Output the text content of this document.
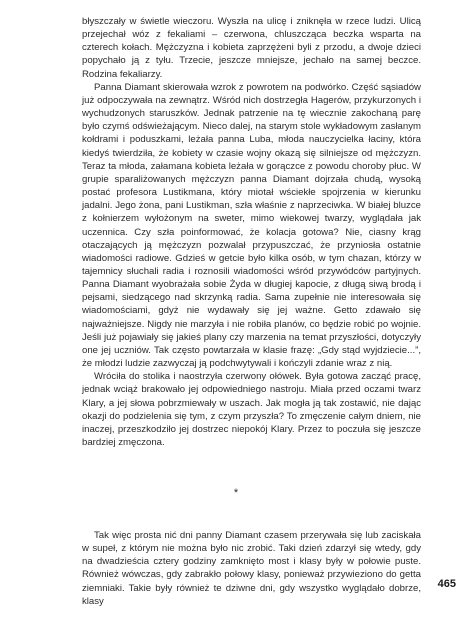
błyszczały w świetle wieczoru. Wyszła na ulicę i zniknęła w rzece ludzi. Ulicą przejechał wóz z fekaliami – czerwona, chluszcząca beczka wsparta na czterech kołach. Mężczyzna i kobieta zaprzężeni byli z przodu, a dwoje dzieci popychało ją z tyłu. Trzecie, jeszcze mniejsze, jechało na samej beczce. Rodzina fekaliarzy.

Panna Diamant skierowała wzrok z powrotem na podwórko. Część sąsiadów już odpoczywała na zewnątrz. Wśród nich dostrzegła Hagerów, przykurzonych i wychudzonych staruszków. Jednak patrzenie na tę wiecznie zakochaną parę było czymś odświeżającym. Nieco dalej, na starym stole wykładowym zasłanym kołdrami i poduszkami, leżała panna Luba, młoda nauczycielka łaciny, która kiedyś twierdziła, że kobiety w czasie wojny okazą się silniejsze od mężczyzn. Teraz ta młoda, załamana kobieta leżała w gorączce z powodu choroby płuc. W grupie sparaliżowanych mężczyzn panna Diamant dojrzała chudą, wysoką postać profesora Lustikmana, który miotał wściekłe spojrzenia w kierunku jadalni. Jego żona, pani Lustikman, szła właśnie z naprzeciwka. W białej bluzce z kołnierzem wyłożonym na sweter, mimo wiekowej twarzy, wyglądała jak uczennica. Czy szła poinformować, że kolacja gotowa? Nie, ciasny krąg otaczających ją mężczyzn pozwalał przypuszczać, że przyniosła ostatnie wiadomości radiowe. Gdzieś w getcie było kilka osób, w tym chazan, którzy w tajemnicy słuchali radia i roznosili wiadomości wśród przywódców partyjnych. Panna Diamant wyobrażała sobie Żyda w długiej kapocie, z długą siwą brodą i pejsami, siedzącego nad skrzynką radia. Sama zupełnie nie interesowała się wiadomościami, gdyż nie wydawały się jej ważne. Getto zdawało się najważniejsze. Nigdy nie marzyła i nie robiła planów, co będzie robić po wojnie. Jeśli już pojawiały się jakieś plany czy marzenia na temat przyszłości, dotyczyły one jej uczniów. Tak często powtarzała w klasie frazę: „Gdy stąd wyjdziecie...”, że młodzi ludzie zazwyczaj ją podchwytywali i kończyli zdanie wraz z nią.

Wróciła do stolika i naostrzyła czerwony ołówek. Była gotowa zacząć pracę, jednak wciąż brakowało jej odpowiedniego nastroju. Miała przed oczami twarz Klary, a jej słowa pobrzmiewały w uszach. Jak mogła ją tak zostawić, nie dając okazji do podzielenia się tym, z czym przyszła? To zmęczenie całym dniem, nie inaczej, przeszkodziło jej dostrzec niepokój Klary. Przez to poczuła się jeszcze bardziej zmęczona.

*

Tak więc prosta nić dni panny Diamant czasem przerywała się lub zaciskała w supeł, z którym nie można było nic zrobić. Taki dzień zdarzył się wtedy, gdy na dwadzieścia cztery godziny zamknięto most i klasy były w połowie puste. Również wówczas, gdy zabrakło połowy klasy, ponieważ przywieziono do getta ziemniaki. Takie były również te dziwne dni, gdy wszystko wyglądało dobrze, klasy

465
